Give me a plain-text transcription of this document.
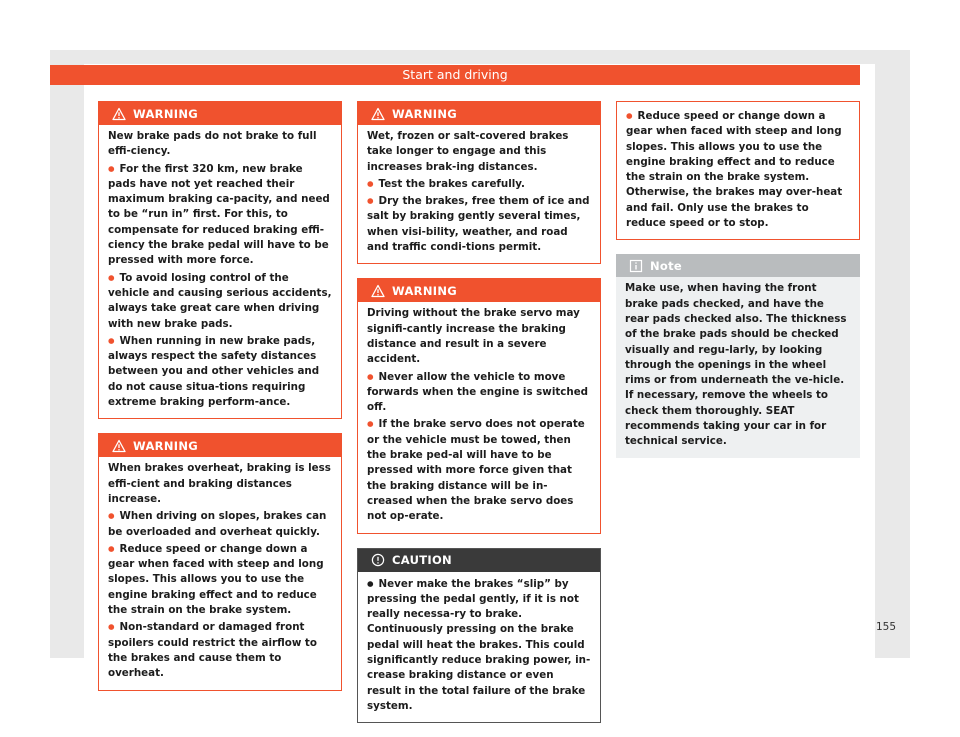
Start and driving
WARNING

New brake pads do not brake to full effi-ciency.

● For the first 320 km, new brake pads have not yet reached their maximum braking ca-pacity, and need to be “run in” first. For this, to compensate for reduced braking effi-ciency the brake pedal will have to be pressed with more force.

● To avoid losing control of the vehicle and causing serious accidents, always take great care when driving with new brake pads.

● When running in new brake pads, always respect the safety distances between you and other vehicles and do not cause situa-tions requiring extreme braking perform-ance.

WARNING

When brakes overheat, braking is less effi-cient and braking distances increase.

● When driving on slopes, brakes can be overloaded and overheat quickly.

● Reduce speed or change down a gear when faced with steep and long slopes. This allows you to use the engine braking effect and to reduce the strain on the brake system.

● Non-standard or damaged front spoilers could restrict the airflow to the brakes and cause them to overheat.

WARNING

Wet, frozen or salt-covered brakes take longer to engage and this increases brak-ing distances.

● Test the brakes carefully.

● Dry the brakes, free them of ice and salt by braking gently several times, when visi-bility, weather, and road and traffic condi-tions permit.

WARNING

Driving without the brake servo may signifi-cantly increase the braking distance and result in a severe accident.

● Never allow the vehicle to move forwards when the engine is switched off.

● If the brake servo does not operate or the vehicle must be towed, then the brake ped-al will have to be pressed with more force given that the braking distance will be in-creased when the brake servo does not op-erate.

CAUTION

● Never make the brakes “slip” by pressing the pedal gently, if it is not really necessa-ry to brake. Continuously pressing on the brake pedal will heat the brakes. This could significantly reduce braking power, in-crease braking distance or even result in the total failure of the brake system.

● Reduce speed or change down a gear when faced with steep and long slopes. This allows you to use the engine braking effect and to reduce the strain on the brake system. Otherwise, the brakes may over-heat and fail. Only use the brakes to reduce speed or to stop.

Note

Make use, when having the front brake pads checked, and have the rear pads checked also. The thickness of the brake pads should be checked visually and regu-larly, by looking through the openings in the wheel rims or from underneath the ve-hicle. If necessary, remove the wheels to check them thoroughly. SEAT recommends taking your car in for technical service.

155
